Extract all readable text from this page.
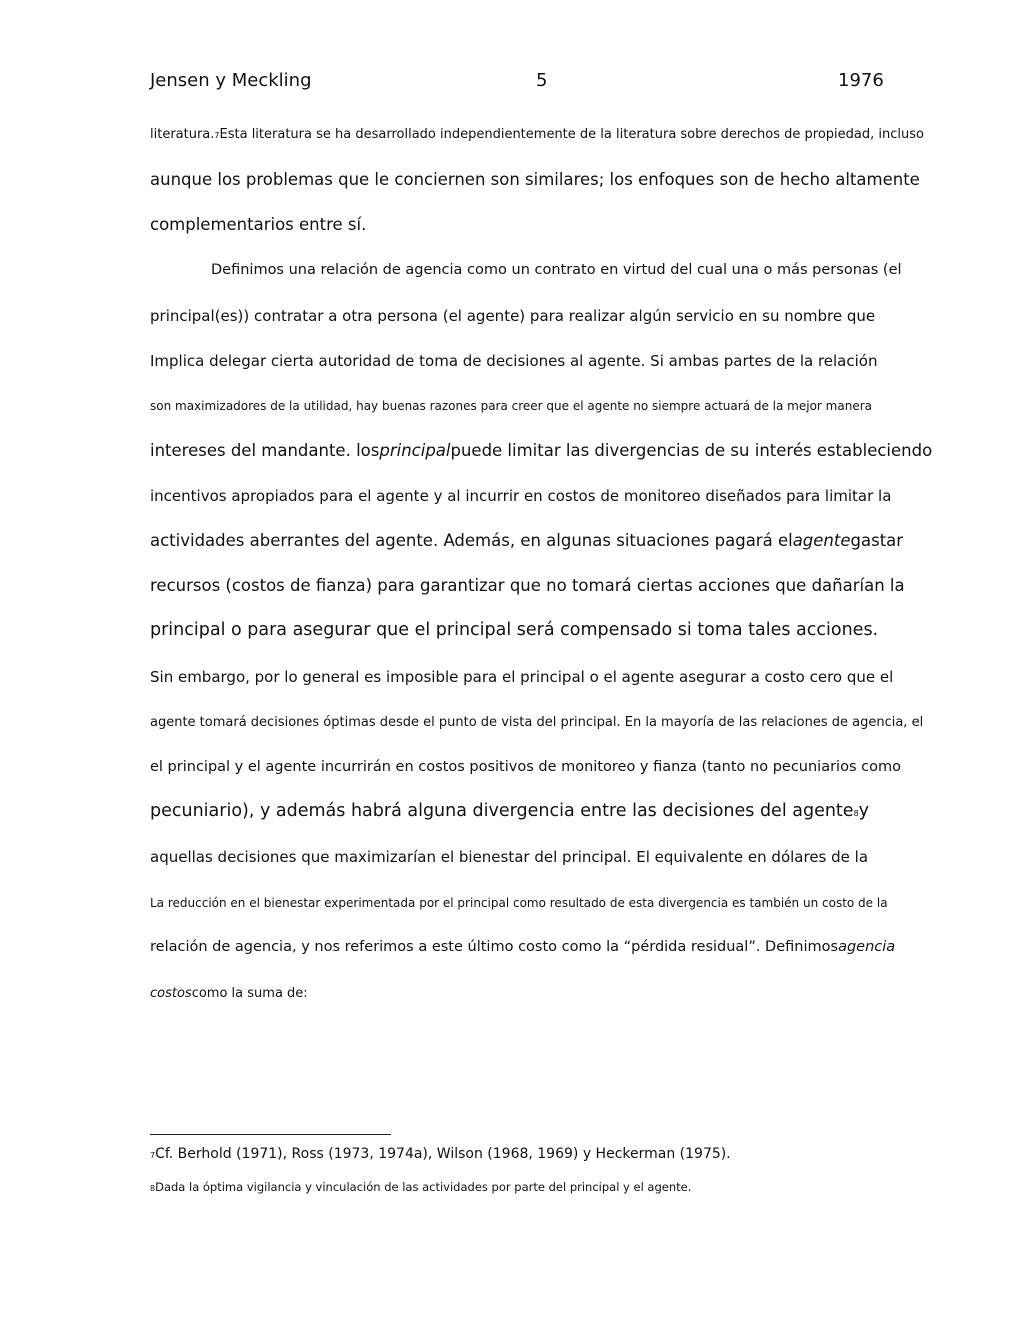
Jensen y Meckling	5	1976
literatura.7Esta literatura se ha desarrollado independientemente de la literatura sobre derechos de propiedad, incluso
aunque los problemas que le conciernen son similares; los enfoques son de hecho altamente
complementarios entre sí.
Definimos una relación de agencia como un contrato en virtud del cual una o más personas (el
principal(es)) contratar a otra persona (el agente) para realizar algún servicio en su nombre que
Implica delegar cierta autoridad de toma de decisiones al agente. Si ambas partes de la relación
son maximizadores de la utilidad, hay buenas razones para creer que el agente no siempre actuará de la mejor manera
intereses del mandante. losprincipalpuede limitar las divergencias de su interés estableciendo
incentivos apropiados para el agente y al incurrir en costos de monitoreo diseñados para limitar la
actividades aberrantes del agente. Además, en algunas situaciones pagará elagentegastar
recursos (costos de fianza) para garantizar que no tomará ciertas acciones que dañarían la
principal o para asegurar que el principal será compensado si toma tales acciones.
Sin embargo, por lo general es imposible para el principal o el agente asegurar a costo cero que el
agente tomará decisiones óptimas desde el punto de vista del principal. En la mayoría de las relaciones de agencia, el
el principal y el agente incurrirán en costos positivos de monitoreo y fianza (tanto no pecuniarios como
pecuniario), y además habrá alguna divergencia entre las decisiones del agente8y
aquellas decisiones que maximizarían el bienestar del principal. El equivalente en dólares de la
La reducción en el bienestar experimentada por el principal como resultado de esta divergencia es también un costo de la
relación de agencia, y nos referimos a este último costo como la “pérdida residual”. Definimosagencia
costoscomo la suma de:
7Cf. Berhold (1971), Ross (1973, 1974a), Wilson (1968, 1969) y Heckerman (1975).
8Dada la óptima vigilancia y vinculación de las actividades por parte del principal y el agente.
